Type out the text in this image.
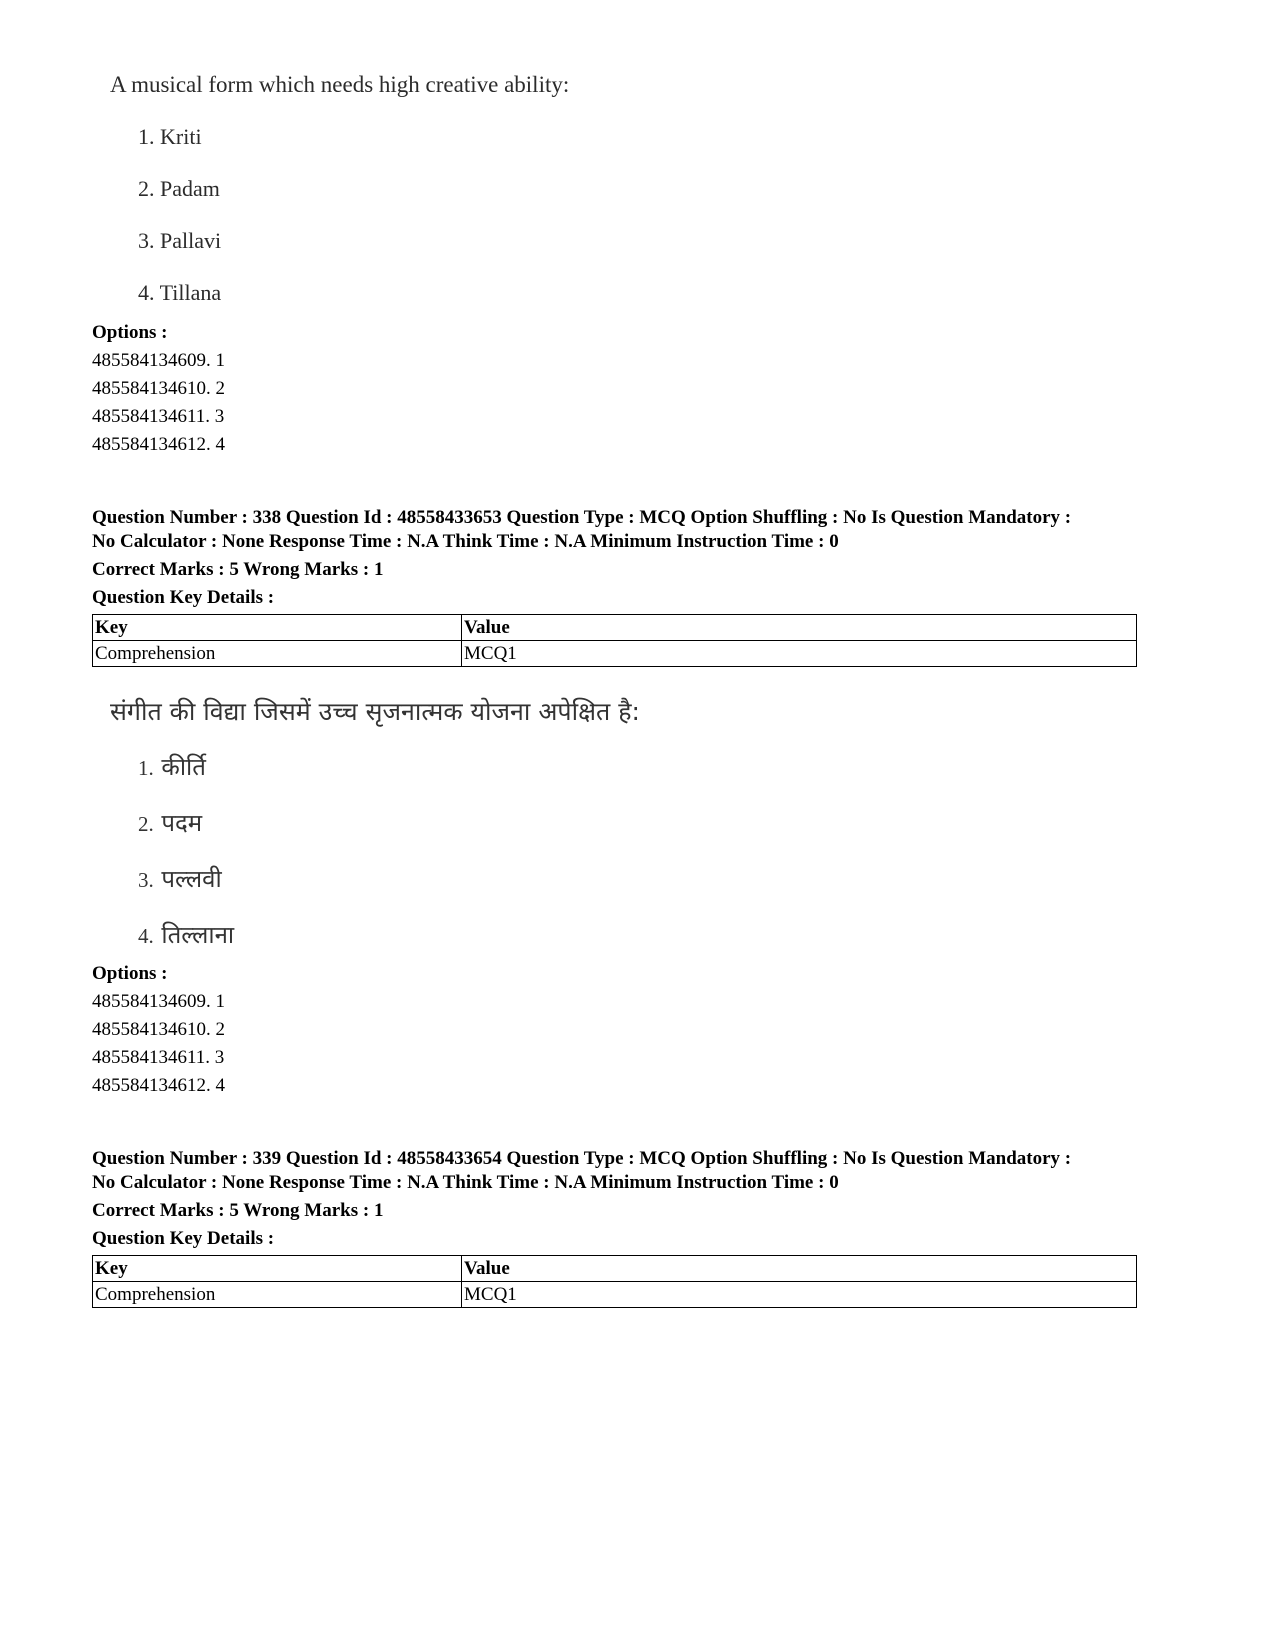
A musical form which needs high creative ability:
1. Kriti
2. Padam
3. Pallavi
4. Tillana
Options :
485584134609. 1
485584134610. 2
485584134611. 3
485584134612. 4
Question Number : 338 Question Id : 48558433653 Question Type : MCQ Option Shuffling : No Is Question Mandatory :
No Calculator : None Response Time : N.A Think Time : N.A Minimum Instruction Time : 0
Correct Marks : 5 Wrong Marks : 1
Question Key Details :
Key	Value
Comprehension	MCQ1
संगीत की विद्या जिसमें उच्च सृजनात्मक योजना अपेक्षित है:
1. कीर्ति
2. पदम
3. पल्लवी
4. तिल्लाना
Options :
485584134609. 1
485584134610. 2
485584134611. 3
485584134612. 4
Question Number : 339 Question Id : 48558433654 Question Type : MCQ Option Shuffling : No Is Question Mandatory :
No Calculator : None Response Time : N.A Think Time : N.A Minimum Instruction Time : 0
Correct Marks : 5 Wrong Marks : 1
Question Key Details :
Key	Value
Comprehension	MCQ1
